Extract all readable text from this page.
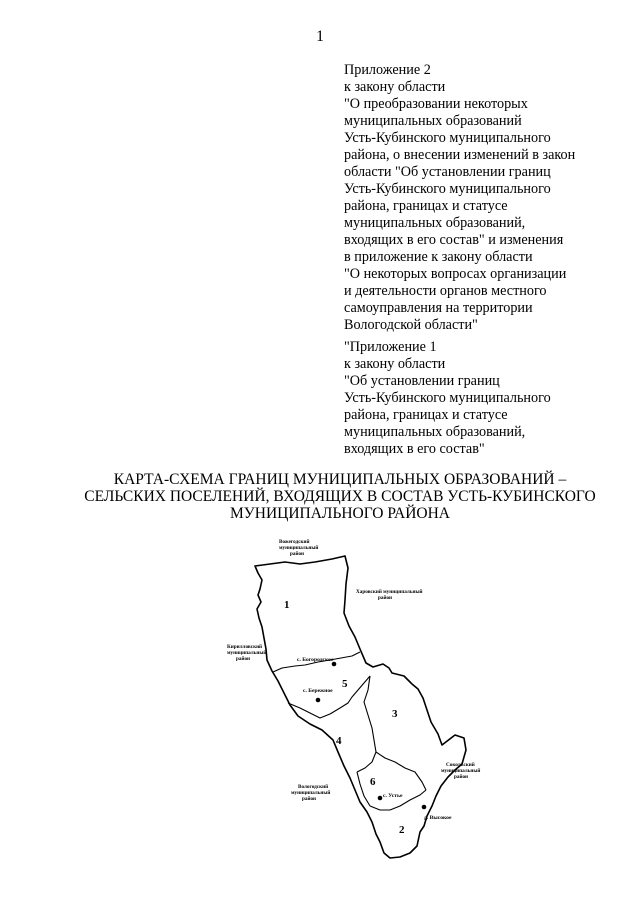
1
Приложение 2
к закону области
"О преобразовании некоторых
муниципальных образований
Усть-Кубинского муниципального
района, о внесении изменений в закон
области "Об установлении границ
Усть-Кубинского муниципального
района, границах и статусе
муниципальных образований,
входящих в его состав" и изменения
в приложение к закону области
"О некоторых вопросах организации
и деятельности органов местного
самоуправления на территории
Вологодской области"
"Приложение 1
к закону области
"Об установлении границ
Усть-Кубинского муниципального
района, границах и статусе
муниципальных образований,
входящих в его состав"
КАРТА-СХЕМА ГРАНИЦ МУНИЦИПАЛЬНЫХ ОБРАЗОВАНИЙ –
СЕЛЬСКИХ ПОСЕЛЕНИЙ, ВХОДЯЩИХ В СОСТАВ УСТЬ-КУБИНСКОГО
МУНИЦИПАЛЬНОГО РАЙОНА
1
2
3
4
5
6
с. Богородское
с. Бережное
с. Устье
д. Высокое
Вожегодский
муниципальный
район
Харовский муниципальный
район
Кирилловский
муниципальный
район
Сокольский
муниципальный
район
Вологодский
муниципальный
район
